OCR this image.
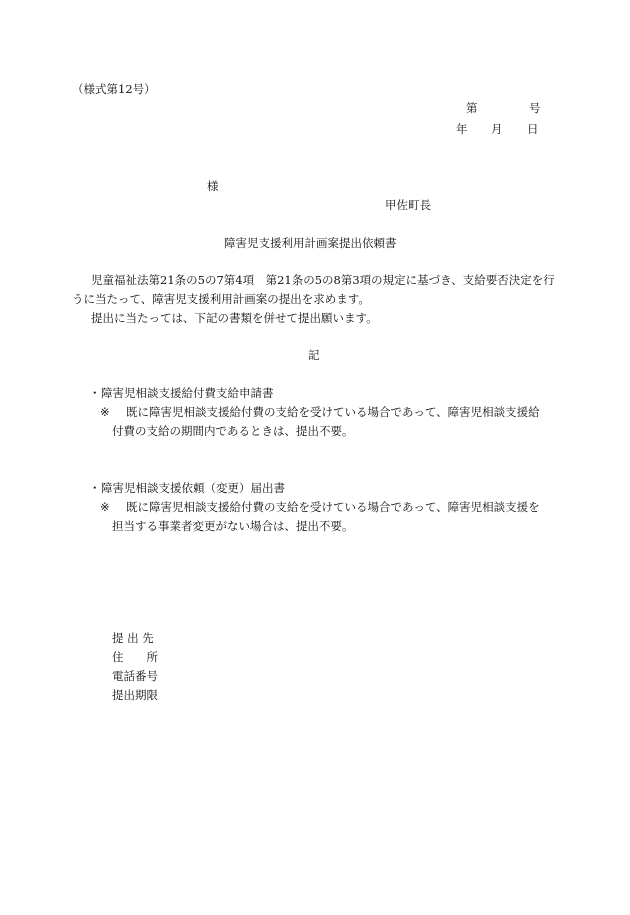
（様式第12号）
第	号
年 月 日
様
甲佐町長
障害児支援利用計画案提出依頼書
児童福祉法第21条の5の7第4項　第21条の5の8第3項の規定に基づき、支給要否決定を行
うに当たって、障害児支援利用計画案の提出を求めます。
提出に当たっては、下記の書類を併せて提出願います。
記
・ 障害児相談支援給付費支給申請書
※ 既に障害児相談支援給付費の支給を受けている場合であって、障害児相談支援給
付費の支給の期間内であるときは、提出不要。
・ 障害児相談支援依頼（変更）届出書
※ 既に障害児相談支援給付費の支給を受けている場合であって、障害児相談支援を
担当する事業者変更がない場合は、提出不要。
提 出 先
住　　所
電話番号
提出期限
